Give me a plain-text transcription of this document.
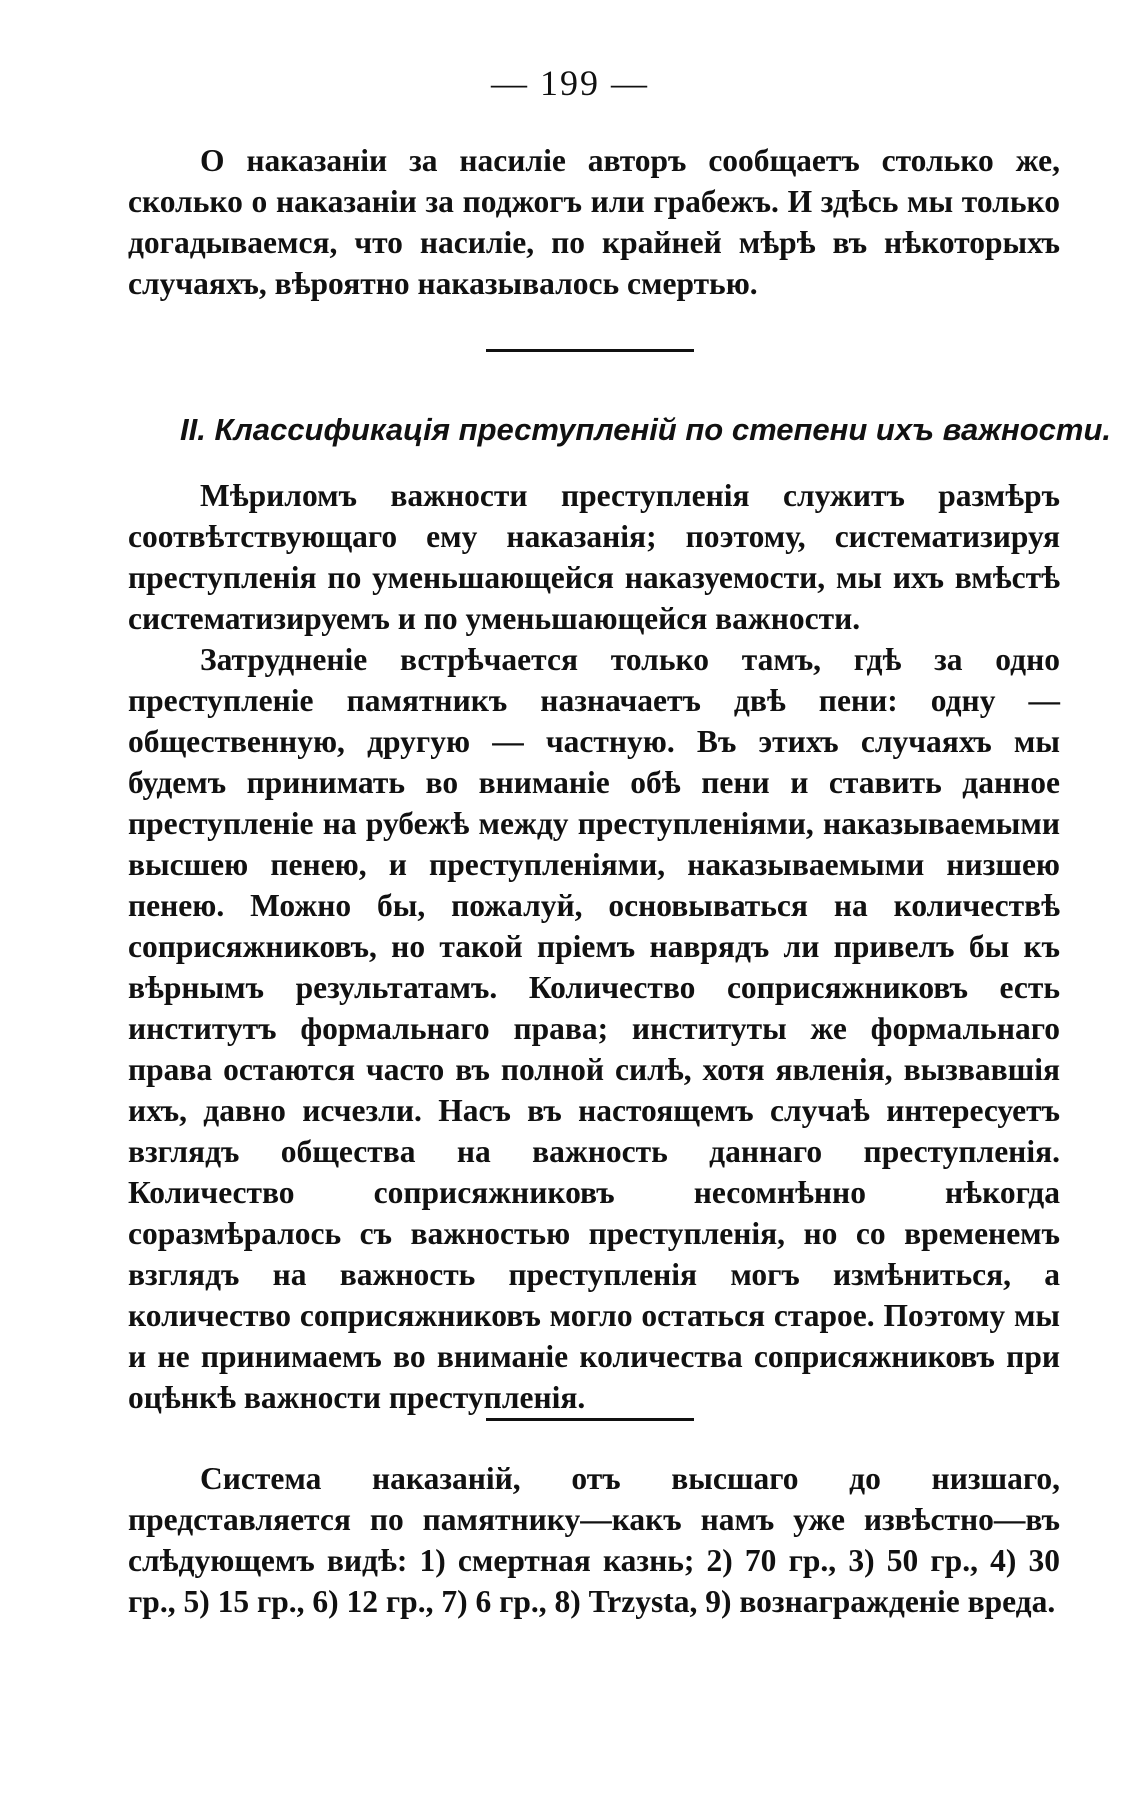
— 199 —

О наказаніи за насиліе авторъ сообщаетъ столько же, сколько о наказаніи за поджогъ или грабежъ. И здѣсь мы только догадываемся, что насиліе, по крайней мѣрѣ въ нѣкоторыхъ случаяхъ, вѣроятно наказывалось смертью.

II. Классификація преступленій по степени ихъ важности.

Мѣриломъ важности преступленія служитъ размѣръ соотвѣтствующаго ему наказанія; поэтому, систематизируя преступленія по уменьшающейся наказуемости, мы ихъ вмѣстѣ систематизируемъ и по уменьшающейся важности.

Затрудненіе встрѣчается только тамъ, гдѣ за одно преступленіе памятникъ назначаетъ двѣ пени: одну — общественную, другую — частную. Въ этихъ случаяхъ мы будемъ принимать во вниманіе обѣ пени и ставить данное преступленіе на рубежѣ между преступленіями, наказываемыми высшею пенею, и преступленіями, наказываемыми низшею пенею. Можно бы, пожалуй, основываться на количествѣ соприсяжниковъ, но такой пріемъ наврядъ ли привелъ бы къ вѣрнымъ результатамъ. Количество соприсяжниковъ есть институтъ формальнаго права; институты же формальнаго права остаются часто въ полной силѣ, хотя явленія, вызвавшія ихъ, давно исчезли. Насъ въ настоящемъ случаѣ интересуетъ взглядъ общества на важность даннаго преступленія. Количество соприсяжниковъ несомнѣнно нѣкогда соразмѣралось съ важностью преступленія, но со временемъ взглядъ на важность преступленія могъ измѣниться, а количество соприсяжниковъ могло остаться старое. Поэтому мы и не принимаемъ во вниманіе количества соприсяжниковъ при оцѣнкѣ важности преступленія.

Система наказаній, отъ высшаго до низшаго, представляется по памятнику—какъ намъ уже извѣстно—въ слѣдующемъ видѣ: 1) смертная казнь; 2) 70 гр., 3) 50 гр., 4) 30 гр., 5) 15 гр., 6) 12 гр., 7) 6 гр., 8) Trzysta, 9) вознагражденіе вреда.
